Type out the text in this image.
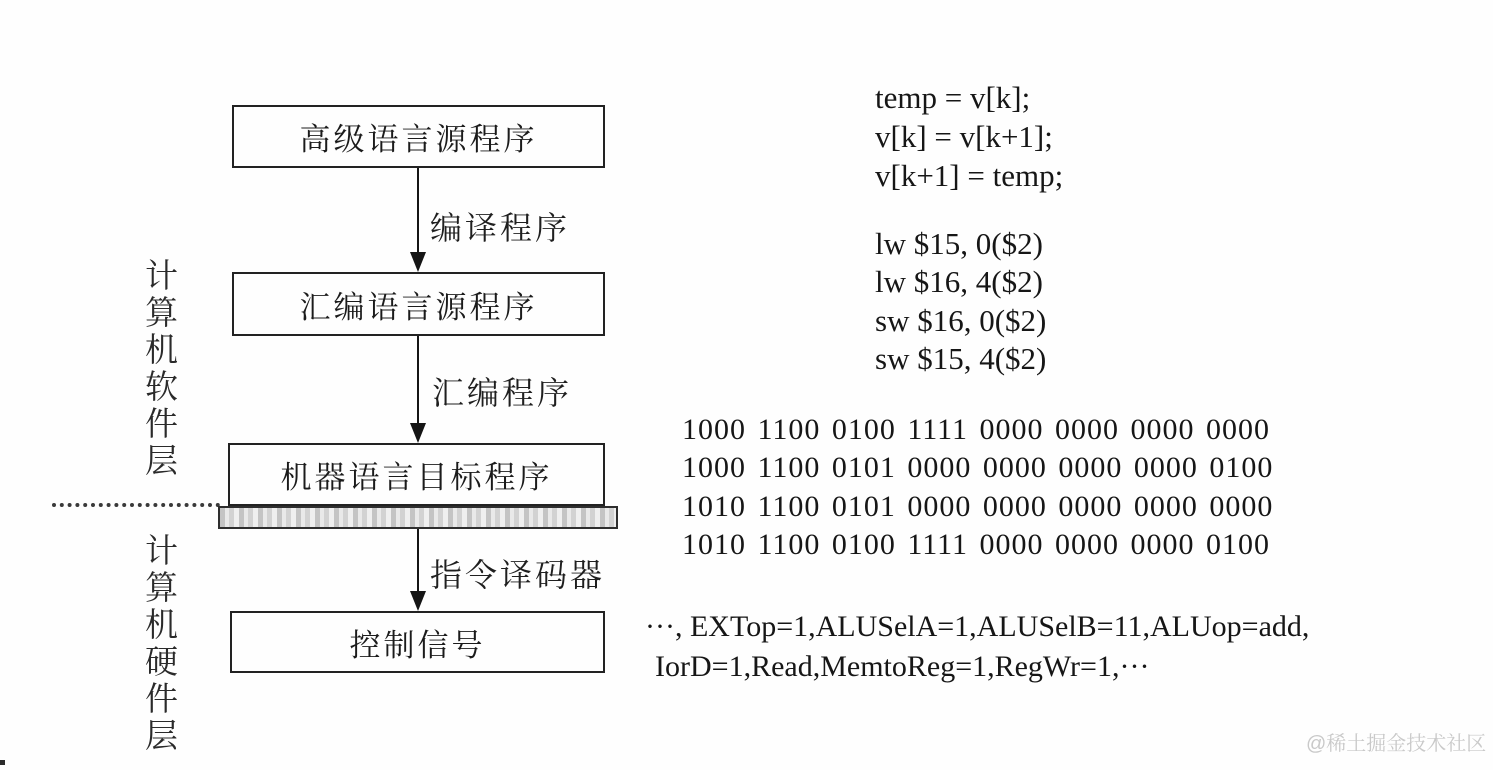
计算机软件层
计算机硬件层
高级语言源程序
编译程序
汇编语言源程序
汇编程序
机器语言目标程序
指令译码器
控制信号
temp = v[k];
v[k] = v[k+1];
v[k+1] = temp;
lw $15, 0($2)
lw $16, 4($2)
sw $16, 0($2)
sw $15, 4($2)
1000 1100 0100 1111 0000 0000 0000 0000
1000 1100 0101 0000 0000 0000 0000 0100
1010 1100 0101 0000 0000 0000 0000 0000
1010 1100 0100 1111 0000 0000 0000 0100
···, EXTop=1,ALUSelA=1,ALUSelB=11,ALUop=add,
IorD=1,Read,MemtoReg=1,RegWr=1,···
@稀土掘金技术社区
